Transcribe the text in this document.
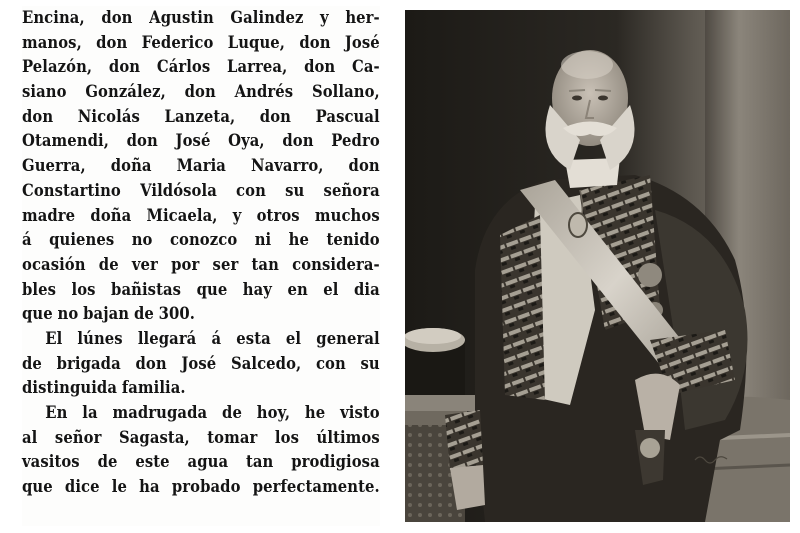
Encina, don Agustin Galindez y her-
manos, don Federico Luque, don José
Pelazón, don Cárlos Larrea, don Ca-
siano González, don Andrés Sollano,
don Nicolás Lanzeta, don Pascual
Otamendi, don José Oya, don Pedro
Guerra, doña Maria Navarro, don
Constartino Vildósola con su señora
madre doña Micaela, y otros muchos
á quienes no conozco ni he tenido
ocasión de ver por ser tan considera-
bles los bañistas que hay en el dia
que no bajan de 300.
El lúnes llegará á esta el general
de brigada don José Salcedo, con su
distinguida familia.
En la madrugada de hoy, he visto
al señor Sagasta, tomar los últimos
vasitos de este agua tan prodigiosa
que dice le ha probado perfectamente.
